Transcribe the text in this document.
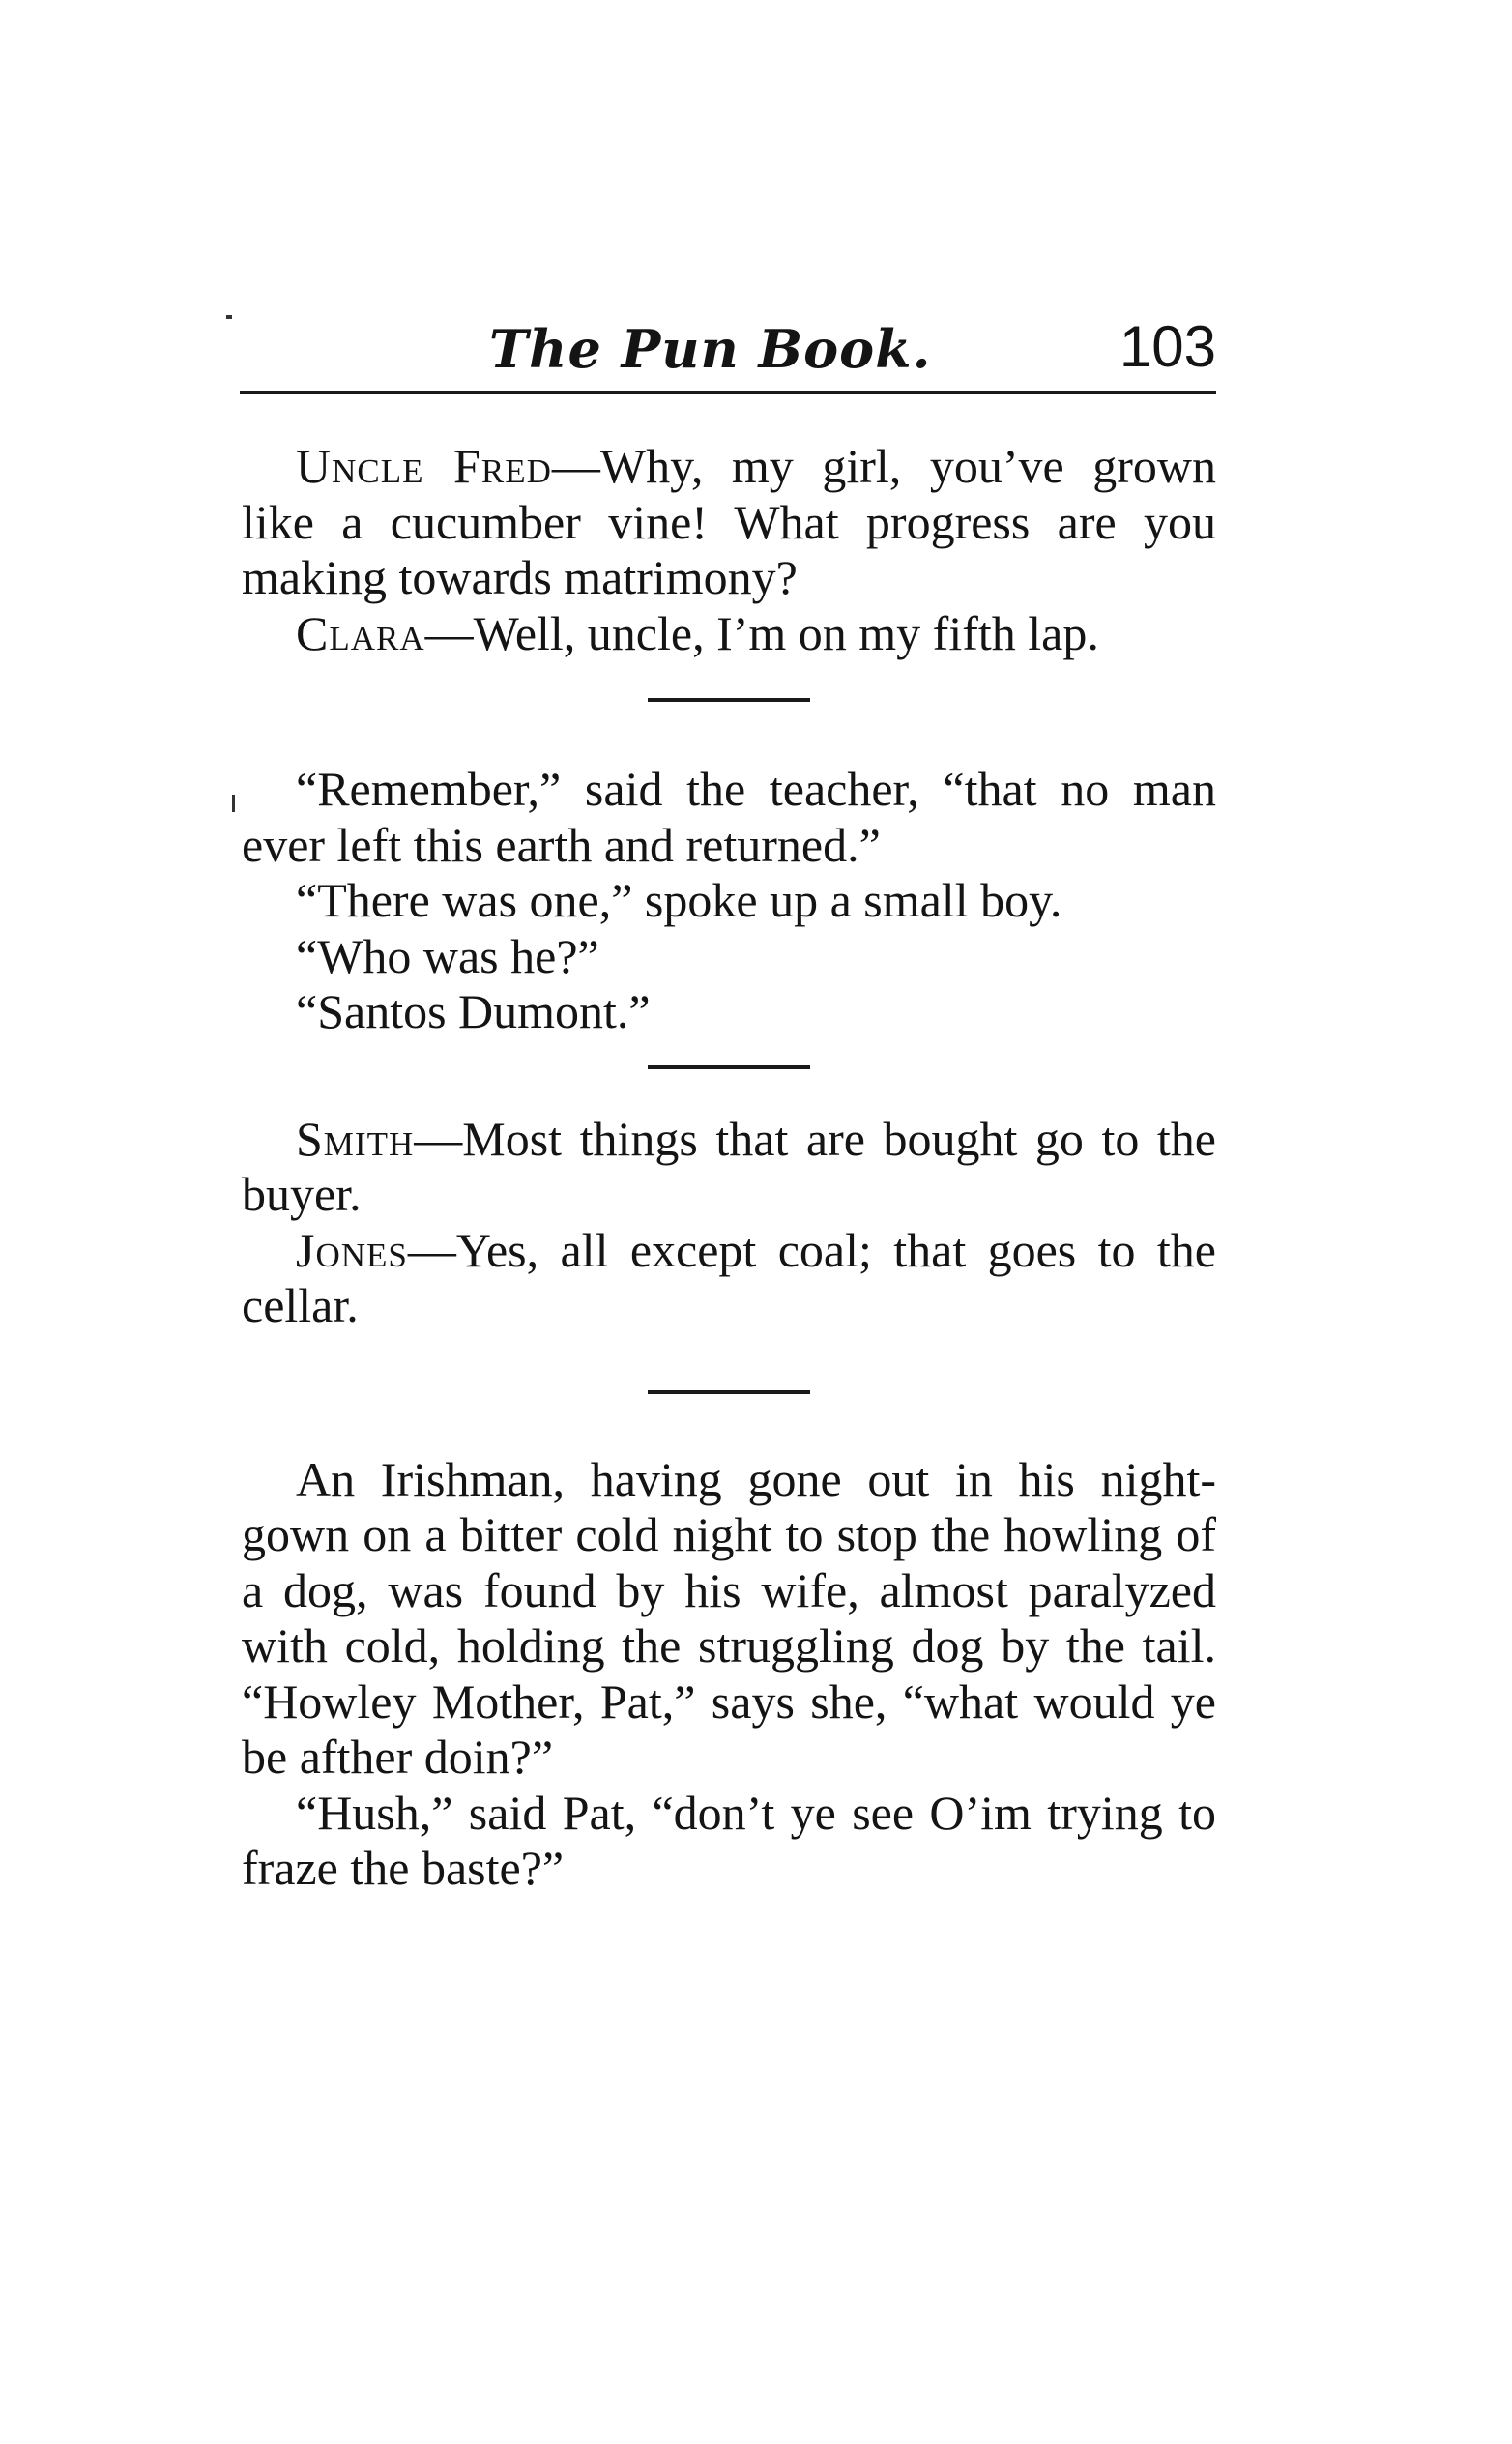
The Pun Book.	103

Uncle Fred—Why, my girl, you’ve grown like a cucumber vine! What progress are you making towards matrimony?

Clara—Well, uncle, I’m on my fifth lap.

“Remember,” said the teacher, “that no man ever left this earth and returned.”

“There was one,” spoke up a small boy.

“Who was he?”

“Santos Dumont.”

Smith—Most things that are bought go to the buyer.

Jones—Yes, all except coal; that goes to the cellar.

An Irishman, having gone out in his night-gown on a bitter cold night to stop the howling of a dog, was found by his wife, almost paralyzed with cold, holding the struggling dog by the tail. “Howley Mother, Pat,” says she, “what would ye be afther doin?”

“Hush,” said Pat, “don’t ye see O’im trying to fraze the baste?”
